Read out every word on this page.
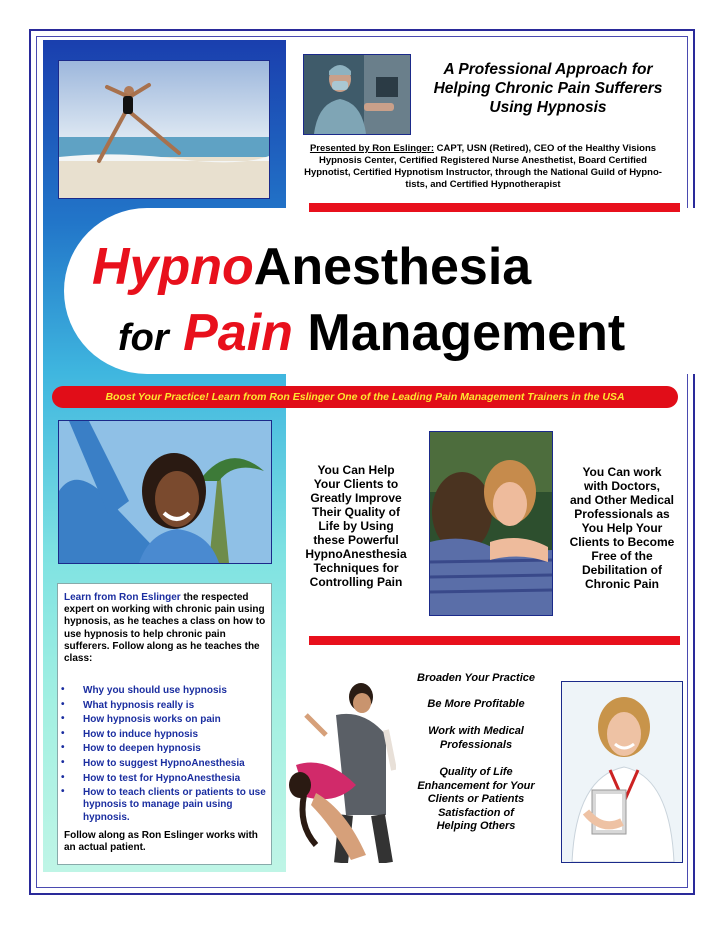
A Professional Approach for
Helping Chronic Pain Sufferers
Using Hypnosis
Presented by Ron Eslinger: CAPT, USN (Retired), CEO of the Healthy Visions
Hypnosis Center, Certified Registered Nurse Anesthetist, Board Certified
Hypnotist, Certified Hypnotism Instructor, through the National Guild of Hypno-
tists, and Certified Hypnotherapist
HypnoAnesthesia
for Pain Management
Boost Your Practice! Learn from Ron Eslinger One of the Leading Pain Management Trainers in the USA
You Can Help
Your Clients to
Greatly Improve
Their Quality of
Life by Using
these Powerful
HypnoAnesthesia
Techniques for
Controlling Pain
You Can work
with Doctors,
and Other Medical
Professionals as
You Help Your
Clients to Become
Free of the
Debilitation of
Chronic Pain
Learn from Ron Eslinger the respected expert on working with chronic pain using hypnosis, as he teaches a class on how to use hypnosis to help chronic pain sufferers. Follow along as he teaches the class:
• Why you should use hypnosis
• What hypnosis really is
• How hypnosis works on pain
• How to induce hypnosis
• How to deepen hypnosis
• How to suggest HypnoAnesthesia
• How to test for HypnoAnesthesia
• How to teach clients or patients to use hypnosis to manage pain using hypnosis.
Follow along as Ron Eslinger works with an actual patient.
Broaden Your Practice
Be More Profitable
Work with Medical
Professionals
Quality of Life
Enhancement for Your
Clients or Patients
Satisfaction of
Helping Others
